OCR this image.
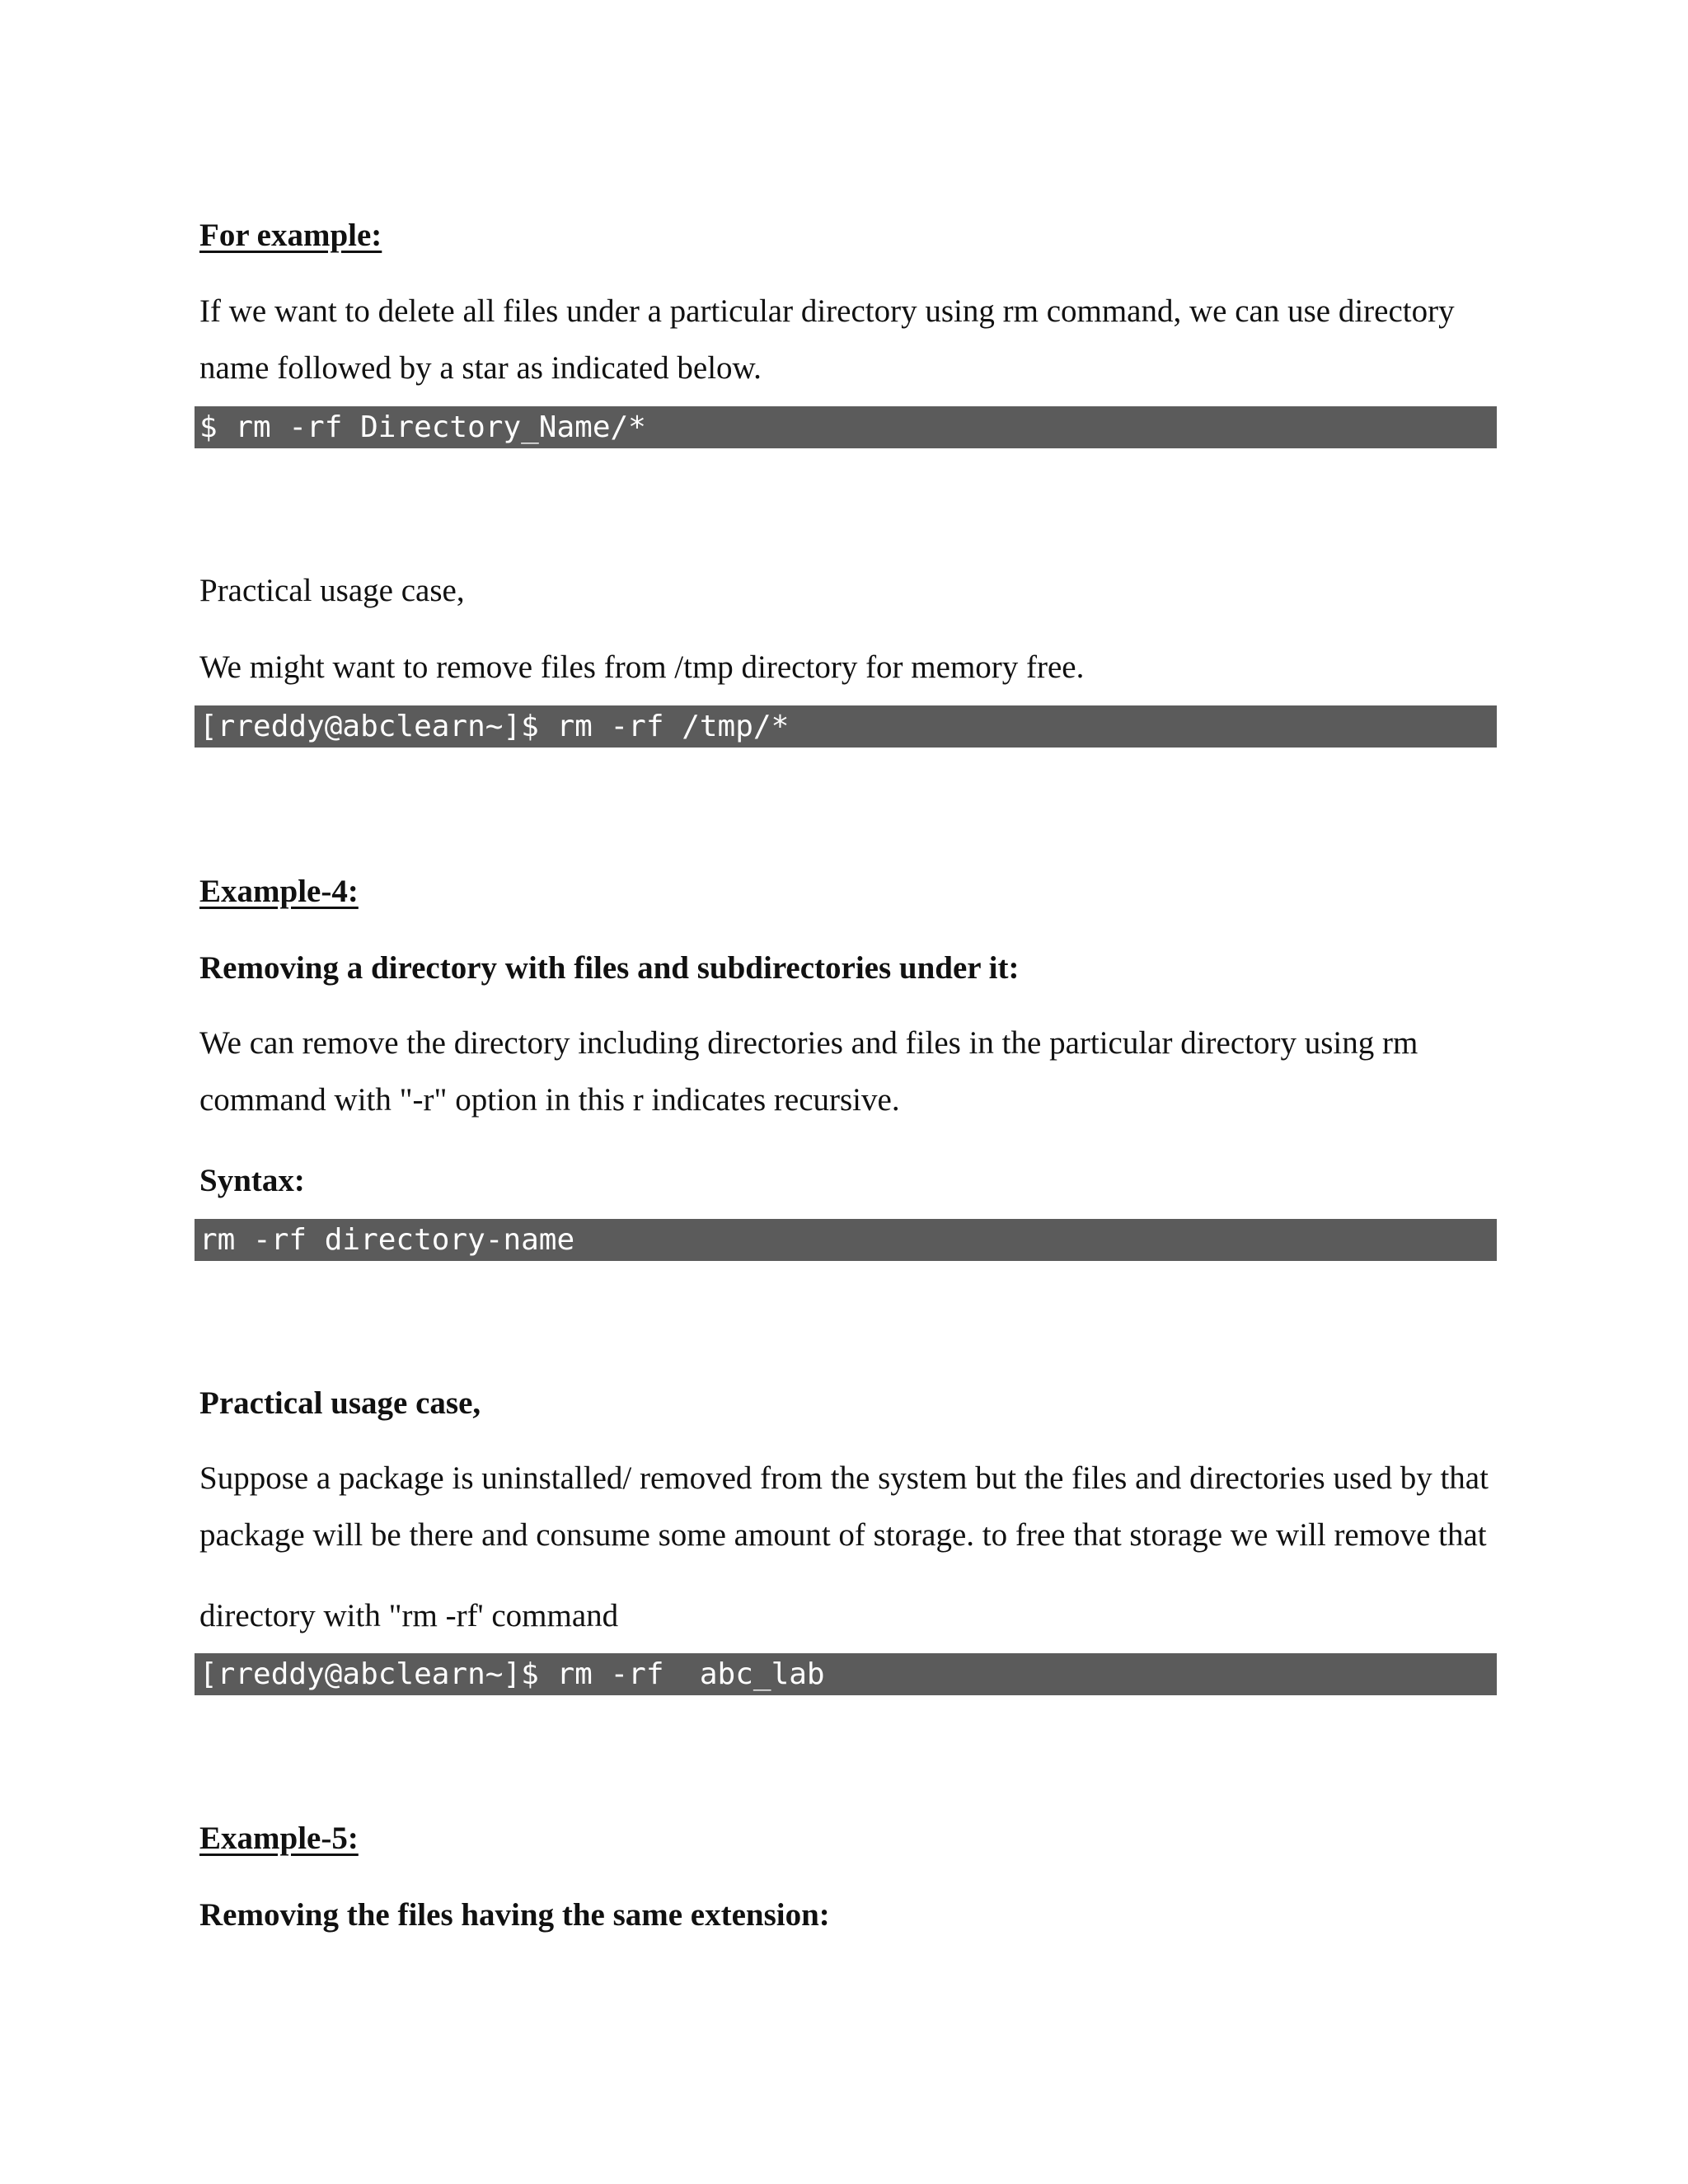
For example:

If we want to delete all files under a particular directory using rm command, we can use directory name followed by a star as indicated below.

$ rm -rf Directory_Name/*
Practical usage case,
We might want to remove files from /tmp directory for memory free.
[rreddy@abclearn~]$ rm -rf /tmp/*
Example-4:
Removing a directory with files and subdirectories under it:

We can remove the directory including directories and files in the particular directory using rm command with "-r" option in this r indicates recursive.

Syntax:
rm -rf directory-name
Practical usage case,

Suppose a package is uninstalled/ removed from the system but the files and directories used by that package will be there and consume some amount of storage. to free that storage we will remove that

directory with "rm -rf' command
[rreddy@abclearn~]$ rm -rf  abc_lab
Example-5:
Removing the files having the same extension:
